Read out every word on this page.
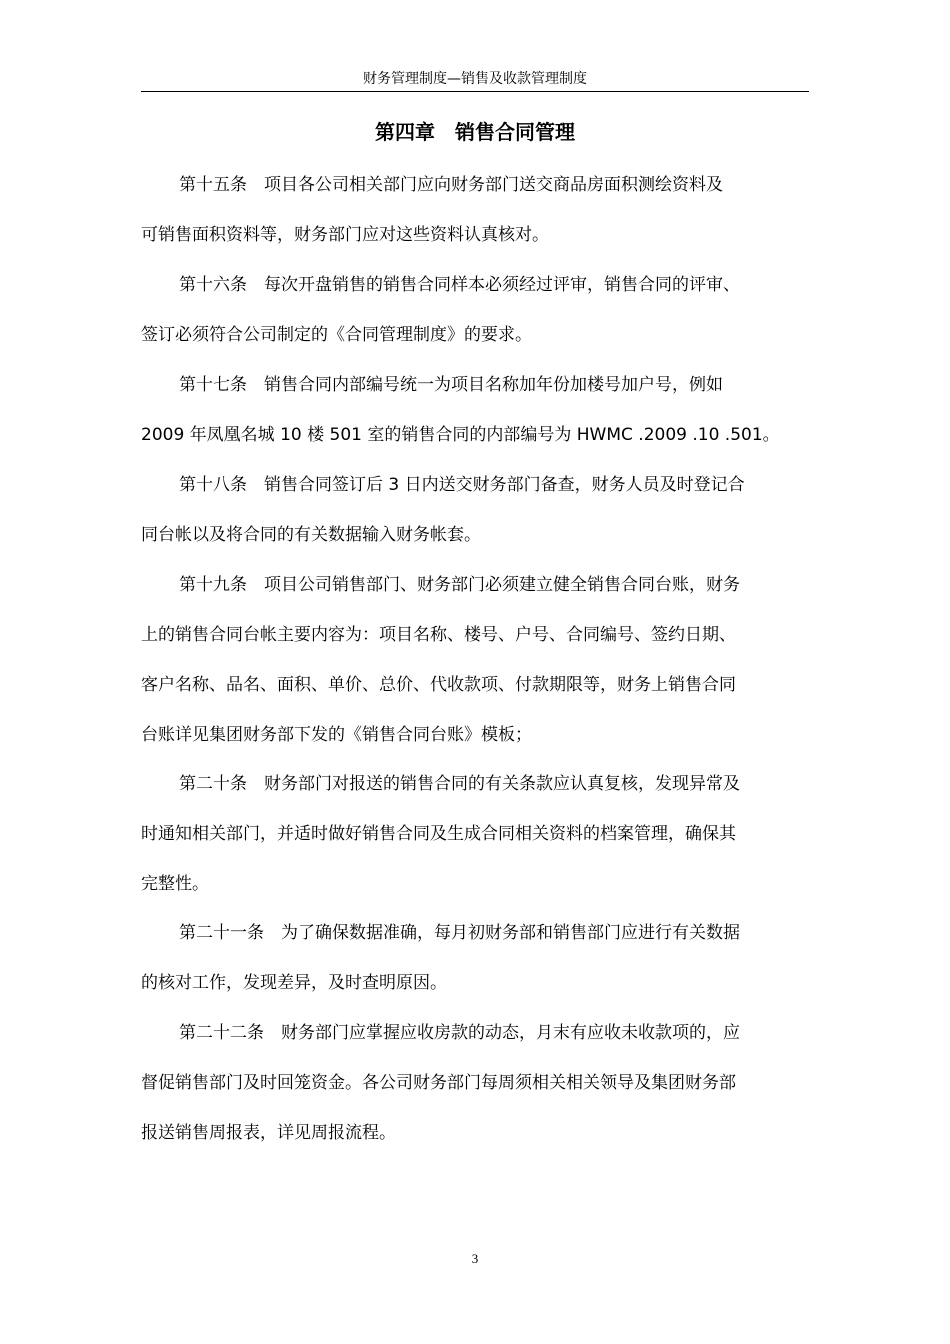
财务管理制度—销售及收款管理制度
第四章　销售合同管理
第十五条　项目各公司相关部门应向财务部门送交商品房面积测绘资料及
可销售面积资料等，财务部门应对这些资料认真核对。
第十六条　每次开盘销售的销售合同样本必须经过评审，销售合同的评审、
签订必须符合公司制定的《合同管理制度》的要求。
第十七条　销售合同内部编号统一为项目名称加年份加楼号加户号，例如
2009 年凤凰名城 10 楼 501 室的销售合同的内部编号为 HWMC .2009 .10 .501。
第十八条　销售合同签订后 3 日内送交财务部门备查，财务人员及时登记合
同台帐以及将合同的有关数据输入财务帐套。
第十九条　项目公司销售部门、财务部门必须建立健全销售合同台账，财务
上的销售合同台帐主要内容为：项目名称、楼号、户号、合同编号、签约日期、
客户名称、品名、面积、单价、总价、代收款项、付款期限等，财务上销售合同
台账详见集团财务部下发的《销售合同台账》模板；
第二十条　财务部门对报送的销售合同的有关条款应认真复核，发现异常及
时通知相关部门，并适时做好销售合同及生成合同相关资料的档案管理，确保其
完整性。
第二十一条　为了确保数据准确，每月初财务部和销售部门应进行有关数据
的核对工作，发现差异，及时查明原因。
第二十二条　财务部门应掌握应收房款的动态，月末有应收未收款项的，应
督促销售部门及时回笼资金。各公司财务部门每周须相关相关领导及集团财务部
报送销售周报表，详见周报流程。
3
